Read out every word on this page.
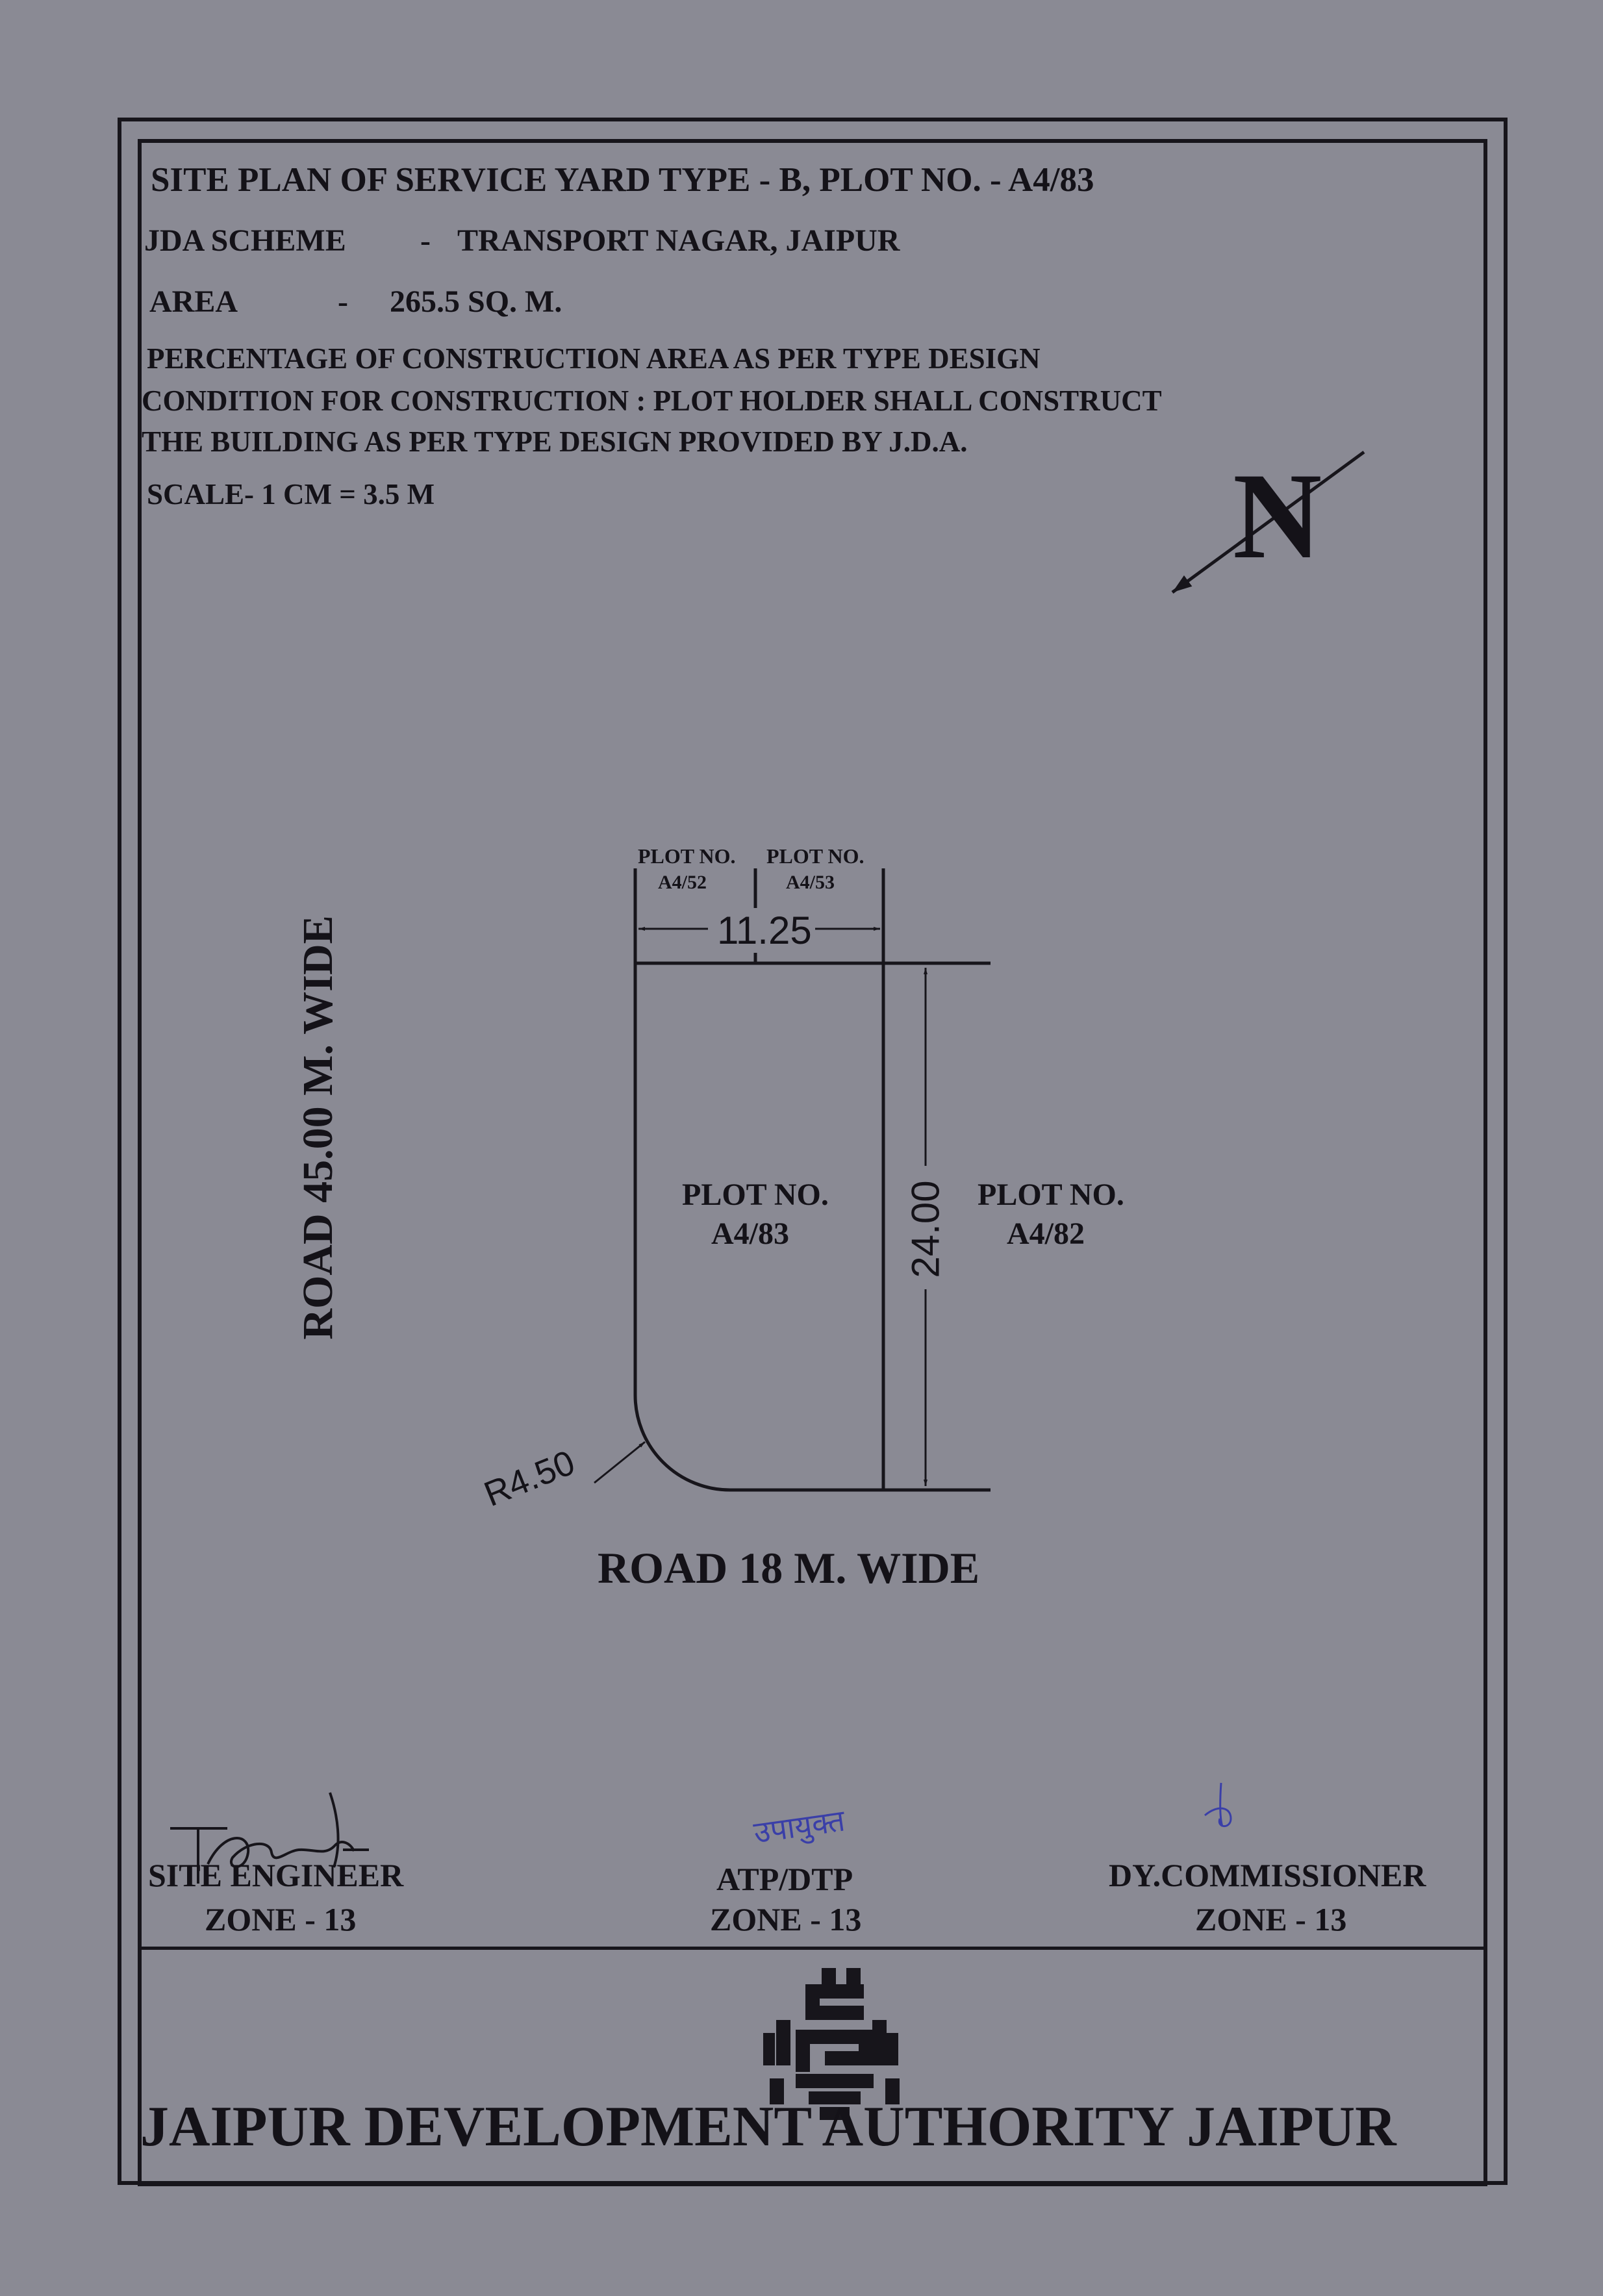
SITE PLAN OF SERVICE YARD TYPE - B, PLOT NO. - A4/83
JDA SCHEME - TRANSPORT NAGAR, JAIPUR
AREA	- 265.5 SQ. M.
PERCENTAGE OF CONSTRUCTION AREA AS PER TYPE DESIGN
CONDITION FOR CONSTRUCTION : PLOT HOLDER SHALL CONSTRUCT
THE BUILDING AS PER TYPE DESIGN PROVIDED BY J.D.A.
SCALE- 1 CM = 3.5 M	N
PLOT NO.
A4/52
PLOT NO.
A4/53
11.25
24.00
PLOT NO.
A4/83
PLOT NO.
A4/82
R4.50
ROAD 45.00 M. WIDE
ROAD 18 M. WIDE
उपायुक्त
SITE ENGINEER
ZONE - 13
ATP/DTP
ZONE - 13
DY.COMMISSIONER
ZONE - 13
JAIPUR DEVELOPMENT AUTHORITY JAIPUR
